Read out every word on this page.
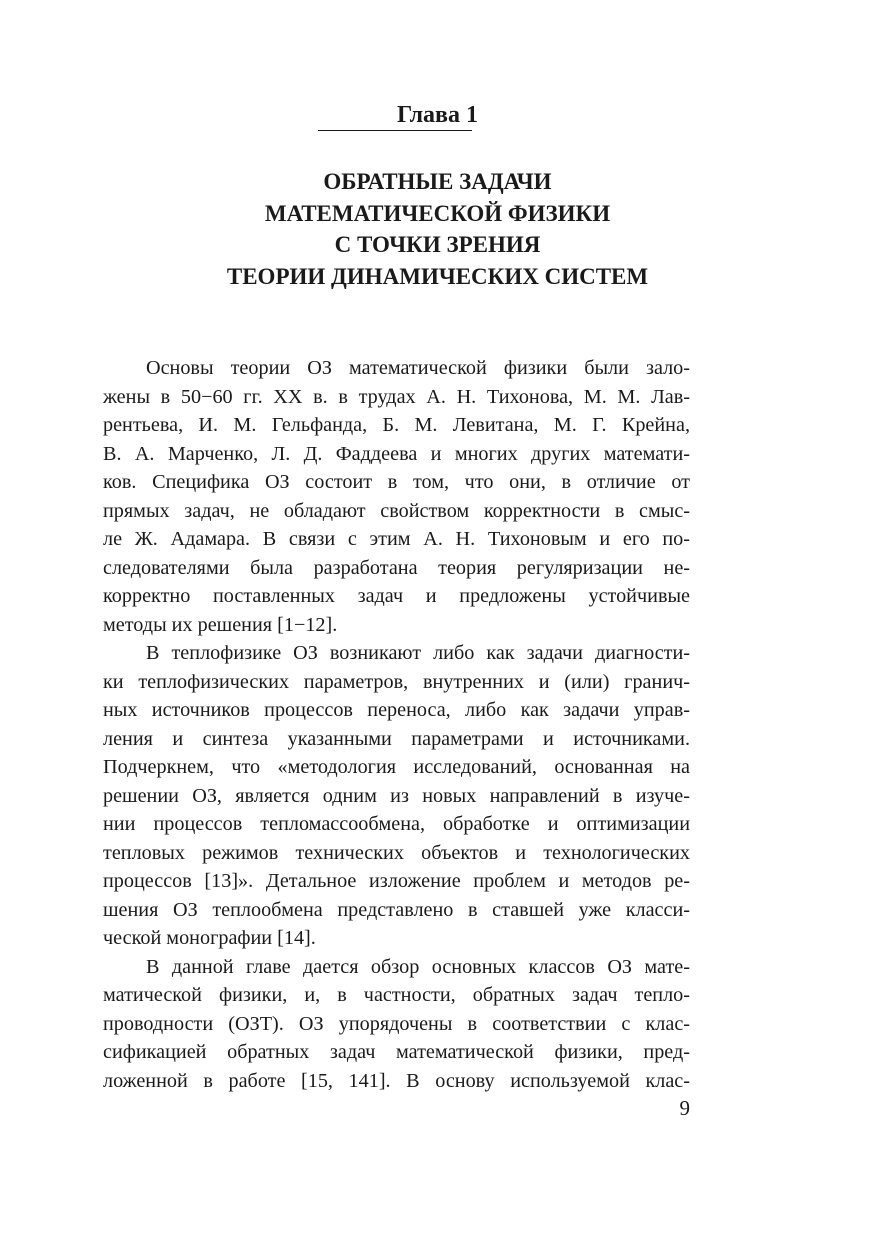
Глава 1
ОБРАТНЫЕ ЗАДАЧИ
МАТЕМАТИЧЕСКОЙ ФИЗИКИ
С ТОЧКИ ЗРЕНИЯ
ТЕОРИИ ДИНАМИЧЕСКИХ СИСТЕМ
Основы теории ОЗ математической физики были зало-
жены в 50−60 гг. ХХ в. в трудах А. Н. Тихонова, М. М. Лав-
рентьева, И. М. Гельфанда, Б. М. Левитана, М. Г. Крейна,
В. А. Марченко, Л. Д. Фаддеева и многих других математи-
ков. Специфика ОЗ состоит в том, что они, в отличие от
прямых задач, не обладают свойством корректности в смыс-
ле Ж. Адамара. В связи с этим А. Н. Тихоновым и его по-
следователями была разработана теория регуляризации не-
корректно поставленных задач и предложены устойчивые
методы их решения [1−12].
В теплофизике ОЗ возникают либо как задачи диагности-
ки теплофизических параметров, внутренних и (или) гранич-
ных источников процессов переноса, либо как задачи управ-
ления и синтеза указанными параметрами и источниками.
Подчеркнем, что «методология исследований, основанная на
решении ОЗ, является одним из новых направлений в изуче-
нии процессов тепломассообмена, обработке и оптимизации
тепловых режимов технических объектов и технологических
процессов [13]». Детальное изложение проблем и методов ре-
шения ОЗ теплообмена представлено в ставшей уже класси-
ческой монографии [14].
В данной главе дается обзор основных классов ОЗ мате-
матической физики, и, в частности, обратных задач тепло-
проводности (ОЗТ). ОЗ упорядочены в соответствии с клас-
сификацией обратных задач математической физики, пред-
ложенной в работе [15, 141]. В основу используемой клас-
9
